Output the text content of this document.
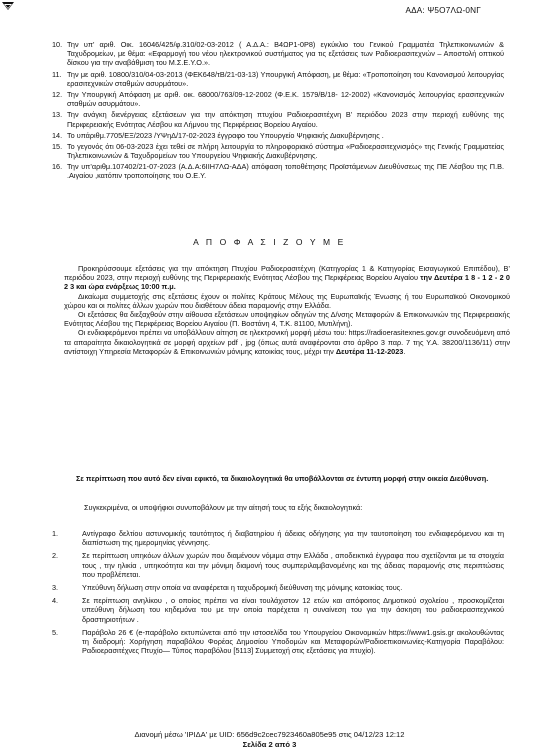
ΑΔΑ: Ψ5Ο7ΛΩ-0ΝΓ
10. Την υπ’ αριθ. Οικ. 16046/425/φ.310/02-03-2012 ( Α.Δ.Α.: Β4ΩΡ1-0Ρ8) εγκύκλιο του Γενικού Γραμματέα Τηλεπικοινωνιών & Ταχυδρομείων, με θέμα: «Εφαρμογή του νέου ηλεκτρονικού συστήματος για τις εξετάσεις των Ραδιοερασιτεχνών – Αποστολή οπτικού δίσκου για την αναβάθμιση του Μ.Σ.Ε.Υ.Ο.».
11. Την με αριθ. 10800/310/04-03-2013 (ΦΕΚ648/τΒ/21-03-13) Υπουργική Απόφαση, με θέμα: «Τροποποίηση του Κανονισμού λειτουργίας ερασιτεχνικών σταθμών ασυρμάτου».
12. Την Υπουργική Απόφαση με αριθ. οικ. 68000/763/09-12-2002 (Φ.Ε.Κ. 1579/Β/18- 12-2002) «Κανονισμός λειτουργίας ερασιτεχνικών σταθμών ασυρμάτου».
13. Την ανάγκη διενέργειας εξετάσεων για την απόκτηση πτυχίου Ραδιοερασιτέχνη Β’ περιόδου 2023 στην περιοχή ευθύνης της Περιφερειακής Ενότητας Λέσβου κα Λήμνου της Περιφέρειας Βορείου Αιγαίου.
14. Το υπάριθμ.7705/ΕΞ/2023 /ΥΨηΔ/17-02-2023 έγγραφο του Υπουργείο Ψηφιακής Διακυβέρνησης .
15. Το γεγονός ότι 06-03-2023 έχει τεθεί σε πλήρη λειτουργία το πληροφοριακό σύστημα «Ραδιοερασιτεχνισμός» της Γενικής Γραμματείας Τηλεπικοινωνιών & Ταχυδρομείων του Υπουργείου Ψηφιακής Διακυβέρνησης.
16. Την υπ’αριθμ.107402/21-07-2023 (Α.Δ.Α:6ΙΙΗ7ΛΩ-ΑΔΑ) απόφαση τοποθέτησης Προϊστάμενων Διευθύνσεως της ΠΕ Λέσβου της Π.Β. .Αιγαίου ,κατόπιν τροποποίησης του Ο.Ε.Υ.
Α Π Ο Φ Α Σ Ι Ζ Ο Υ Μ Ε

Προκηρύσσουμε εξετάσεις για την απόκτηση Πτυχίου Ραδιοερασιτέχνη (Κατηγορίας 1 & Κατηγορίας Εισαγωγικού Επιπέδου), Β’ περιόδου 2023, στην περιοχή ευθύνης της Περιφερειακής Ενότητας Λέσβου της Περιφέρειας Βορείου Αιγαίου την Δευτέρα 1 8 - 1 2 - 2 0 2 3 και ώρα ενάρξεως 10:00 π.μ.

Δικαίωμα συμμετοχής στις εξετάσεις έχουν οι πολίτες Κράτους Μέλους της Ευρωπαϊκής Ένωσης ή του Ευρωπαϊκού Οικονομικού χώρου και οι πολίτες άλλων χωρών που διαθέτουν άδεια παραμονής στην Ελλάδα.

Οι εξετάσεις θα διεξαχθούν στην αίθουσα εξετάσεων υποψηφίων οδηγών της Δ/νσης Μεταφορών & Επικοινωνιών της Περιφερειακής Ενότητας Λέσβου της Περιφέρειας Βορείου Αιγαίου (Π. Βοστάνη 4, Τ.Κ. 81100, Μυτιλήνη).

Οι ενδιαφερόμενοι πρέπει να υποβάλλουν αίτηση σε ηλεκτρονική μορφή μέσω του: https://radioerasitexnes.gov.gr συνοδευόμενη από τα απαραίτητα δικαιολογητικά σε μορφή αρχείων pdf , jpg (όπως αυτά αναφέρονται στο άρθρο 3 παρ. 7 της Υ.Α. 38200/1136/11) στην αντίστοιχη Υπηρεσία Μεταφορών & Επικοινωνιών μόνιμης κατοικίας τους, μέχρι την Δευτέρα 11-12-2023.

Σε περίπτωση που αυτό δεν είναι εφικτό, τα δικαιολογητικά θα υποβάλλονται σε έντυπη μορφή στην οικεία Διεύθυνση.
Συγκεκριμένα, οι υποψήφιοι συνυποβάλουν με την αίτησή τους τα εξής δικαιολογητικά:
1.	Αντίγραφο δελτίου αστυνομικής ταυτότητος ή διαβατηρίου ή άδειας οδήγησης για την ταυτοποίηση του ενδιαφερόμενου και τη διαπίστωση της ημερομηνίας γέννησης.
2.	Σε περίπτωση υπηκόων άλλων χωρών που διαμένουν νόμιμα στην Ελλάδα , αποδεικτικά έγγραφα που σχετίζονται με τα στοιχεία τους , την ηλικία , υπηκοότητα και την μόνιμη διαμονή τους συμπεριλαμβανομένης και της άδειας παραμονής στις περιπτώσεις που προβλέπεται.
3.	Υπεύθυνη δήλωση στην οποία να αναφέρεται η ταχυδρομική διεύθυνση της μόνιμης κατοικίας τους.
4.	Σε περίπτωση ανηλίκου , ο οποίος πρέπει να είναι τουλάχιστον 12 ετών και απόφοιτος Δημοτικού σχολείου , προσκομίζεται υπεύθυνη δήλωση του κηδεμόνα του με την οποία παρέχεται η συναίνεση του για την άσκηση του ραδιοερασιτεχνικού δραστηριοτήτων .
5.	Παράβολο 26 € (e-παράβολο εκτυπώνεται από την ιστοσελίδα του Υπουργείου Οικονομικών https://www1.gsis.gr ακολουθώντας τη διαδρομή: Χορήγηση παραβόλου Φορέας Δημοσίου Υποδομών και Μεταφορών/Ραδιοεπικοινωνίες-Κατηγορία Παραβόλου: Ραδιοερασιτέχνες Πτυχίο— Τύπος παραβόλου [5113] Συμμετοχή στις εξετάσεις για πτυχίο).
Διανομή μέσω 'ΙΡΙΔΑ' με UID: 656d9c2cec7923460a805e95 στις 04/12/23 12:12
Σελίδα 2 από 3
